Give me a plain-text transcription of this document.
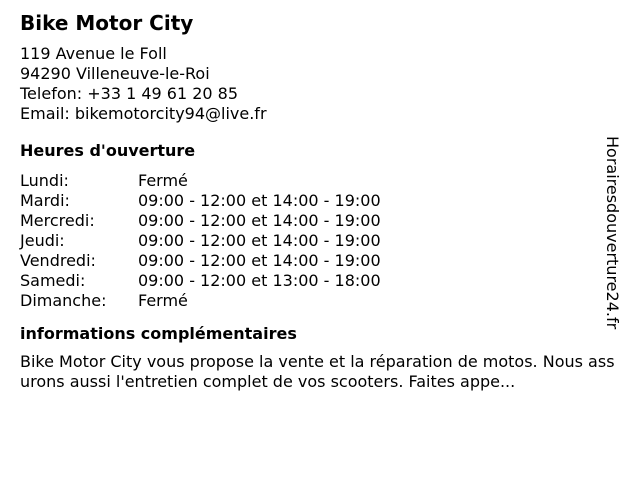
Bike Motor City
119 Avenue le Foll
94290 Villeneuve-le-Roi
Telefon: +33 1 49 61 20 85
Email: bikemotorcity94@live.fr
Heures d'ouverture
Lundi:	Fermé
Mardi:	09:00 - 12:00 et 14:00 - 19:00
Mercredi:	09:00 - 12:00 et 14:00 - 19:00
Jeudi:	09:00 - 12:00 et 14:00 - 19:00
Vendredi:	09:00 - 12:00 et 14:00 - 19:00
Samedi:	09:00 - 12:00 et 13:00 - 18:00
Dimanche:	Fermé
informations complémentaires

Bike Motor City vous propose la vente et la réparation de motos. Nous assurons aussi l'entretien complet de vos scooters. Faites appe...

Horairesdouverture24.fr
